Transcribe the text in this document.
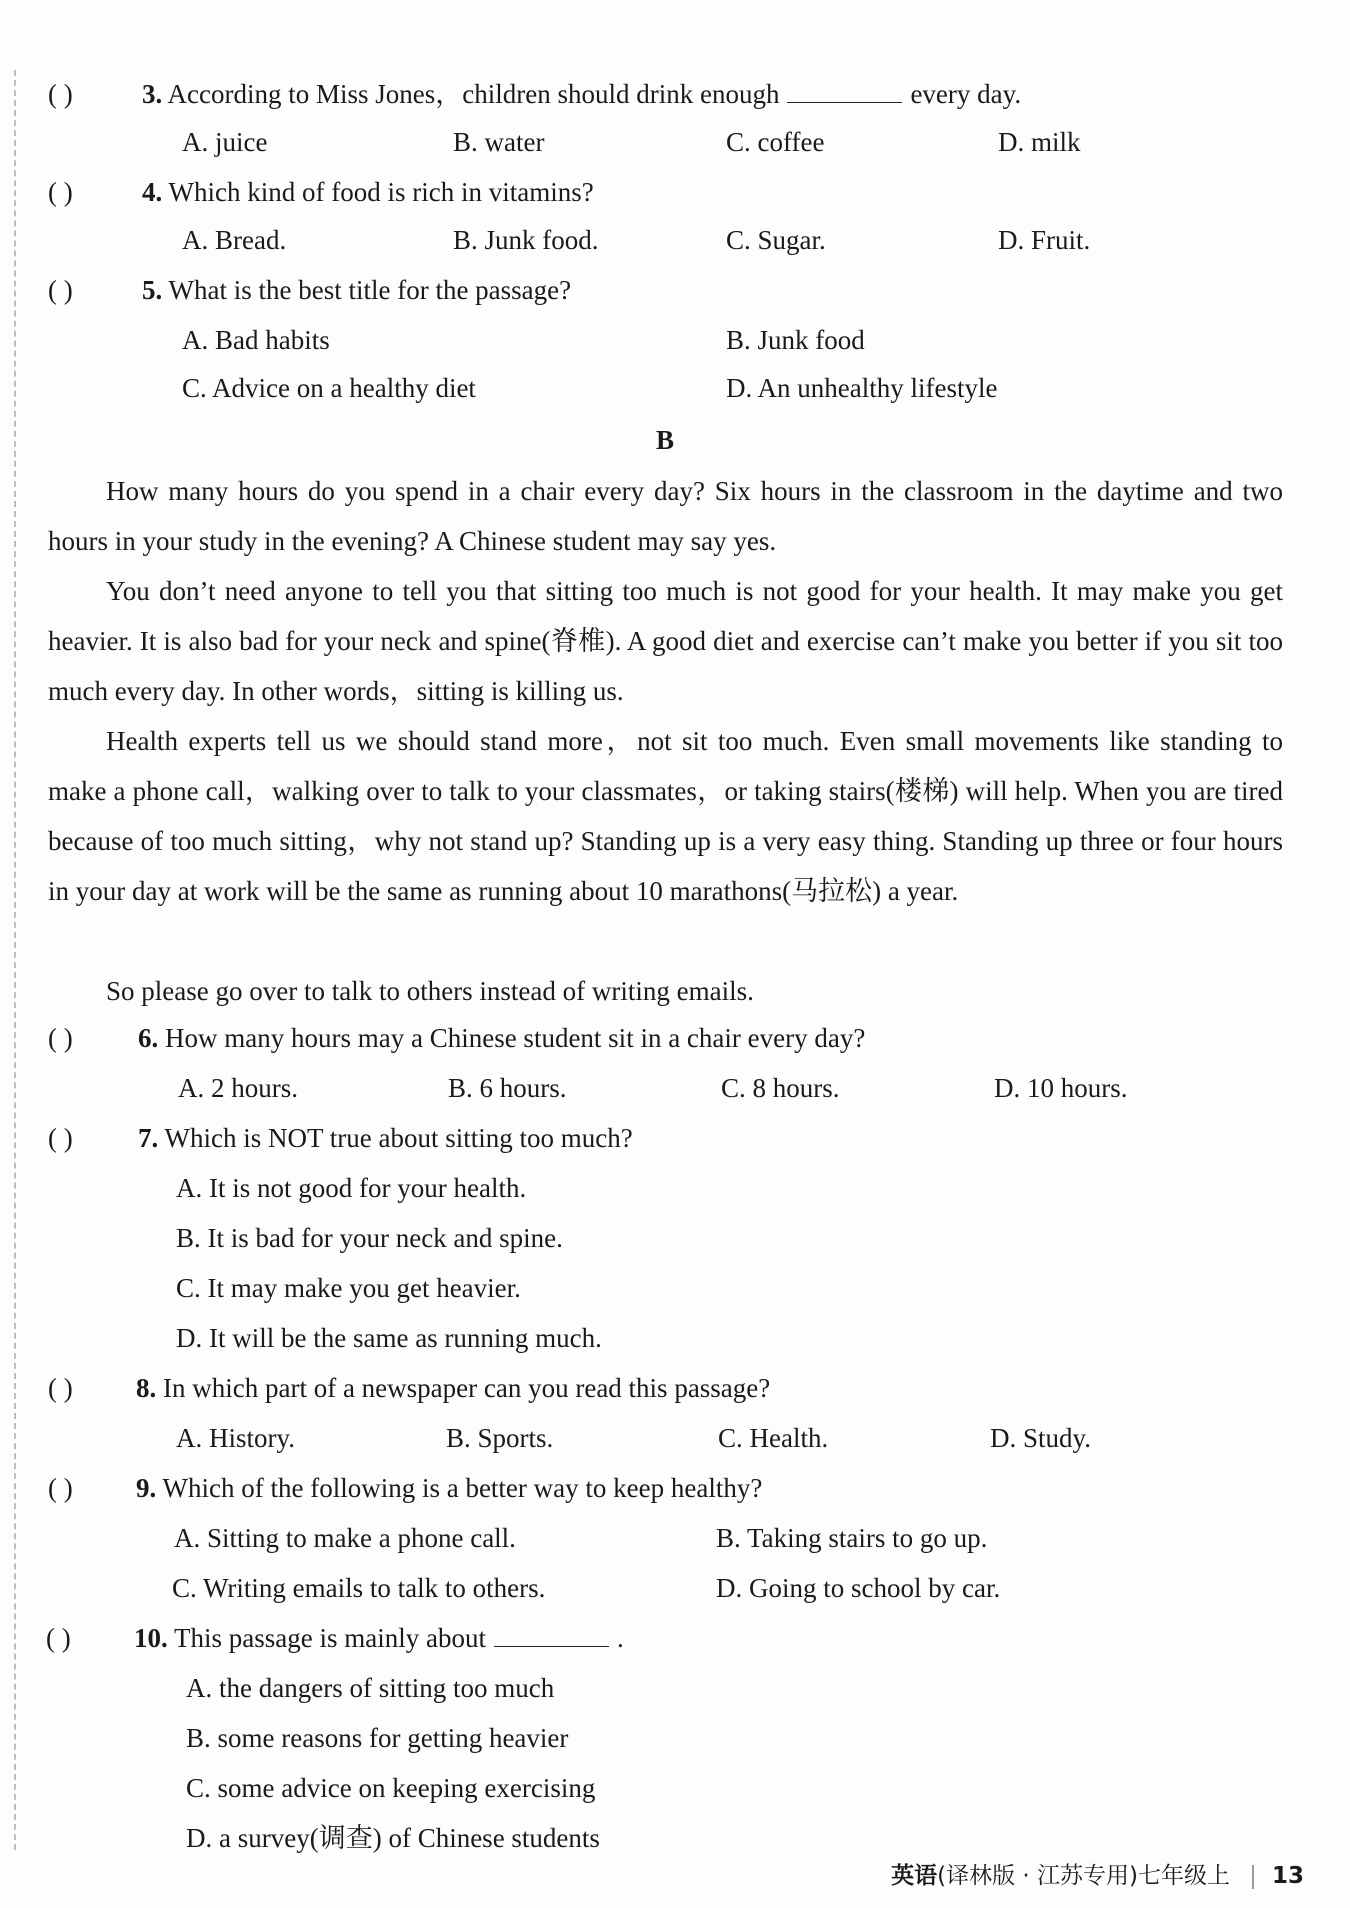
( )	3. According to Miss Jones，children should drink enough	every day.
A. juice	B. water	C. coffee	D. milk
( )	4. Which kind of food is rich in vitamins?
A. Bread.	B. Junk food.	C. Sugar.	D. Fruit.
( )	5. What is the best title for the passage?
A. Bad habits	B. Junk food
C. Advice on a healthy diet	D. An unhealthy lifestyle
B
How many hours do you spend in a chair every day? Six hours in the classroom in the daytime and two hours in your study in the evening? A Chinese student may say yes.
You don’t need anyone to tell you that sitting too much is not good for your health. It may make you get heavier. It is also bad for your neck and spine(脊椎). A good diet and exercise can’t make you better if you sit too much every day. In other words，sitting is killing us.
Health experts tell us we should stand more，not sit too much. Even small movements like standing to make a phone call，walking over to talk to your classmates，or taking stairs(楼梯) will help. When you are tired because of too much sitting，why not stand up? Standing up is a very easy thing. Standing up three or four hours in your day at work will be the same as running about 10 marathons(马拉松) a year.
So please go over to talk to others instead of writing emails.
( ) 6. How many hours may a Chinese student sit in a chair every day?
A. 2 hours.	B. 6 hours.	C. 8 hours.	D. 10 hours.
( ) 7. Which is NOT true about sitting too much?
A. It is not good for your health.
B. It is bad for your neck and spine.
C. It may make you get heavier.
D. It will be the same as running much.
( ) 8. In which part of a newspaper can you read this passage?
A. History.	B. Sports.	C. Health.	D. Study.
( ) 9. Which of the following is a better way to keep healthy?
A. Sitting to make a phone call.	B. Taking stairs to go up.
C. Writing emails to talk to others.	D. Going to school by car.
( ) 10. This passage is mainly about	.
A. the dangers of sitting too much
B. some reasons for getting heavier
C. some advice on keeping exercising
D. a survey(调查) of Chinese students
英语(译林版 · 江苏专用)七年级上 13
